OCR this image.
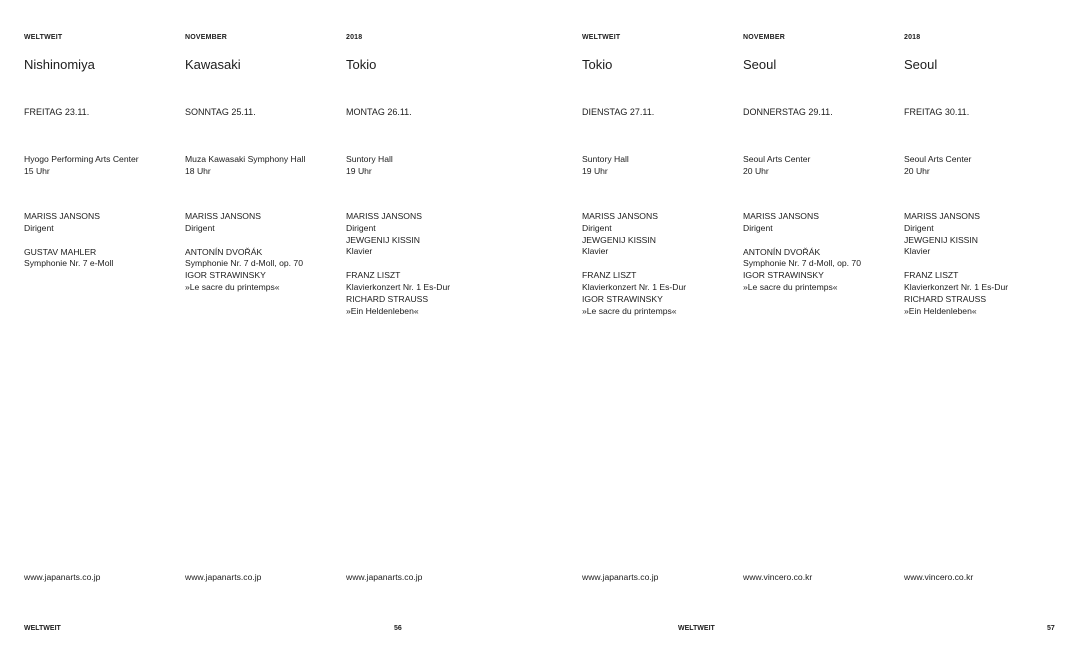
WELTWEIT
Nishinomiya
FREITAG 23.11.
Hyogo Performing Arts Center
15 Uhr
MARISS JANSONS
Dirigent
GUSTAV MAHLER
Symphonie Nr. 7 e-Moll
www.japanarts.co.jp
NOVEMBER
Kawasaki
SONNTAG 25.11.
Muza Kawasaki Symphony Hall
18 Uhr
MARISS JANSONS
Dirigent
ANTONÍN DVOŘÁK
Symphonie Nr. 7 d-Moll, op. 70
IGOR STRAWINSKY
»Le sacre du printemps«
www.japanarts.co.jp
2018
Tokio
MONTAG 26.11.
Suntory Hall
19 Uhr
MARISS JANSONS
Dirigent
JEWGENIJ KISSIN
Klavier
FRANZ LISZT
Klavierkonzert Nr. 1 Es-Dur
RICHARD STRAUSS
»Ein Heldenleben«
www.japanarts.co.jp
WELTWEIT
Tokio
DIENSTAG 27.11.
Suntory Hall
19 Uhr
MARISS JANSONS
Dirigent
JEWGENIJ KISSIN
Klavier
FRANZ LISZT
Klavierkonzert Nr. 1 Es-Dur
IGOR STRAWINSKY
»Le sacre du printemps«
www.japanarts.co.jp
NOVEMBER
Seoul
DONNERSTAG 29.11.
Seoul Arts Center
20 Uhr
MARISS JANSONS
Dirigent
ANTONÍN DVOŘÁK
Symphonie Nr. 7 d-Moll, op. 70
IGOR STRAWINSKY
»Le sacre du printemps«
www.vincero.co.kr
2018
Seoul
FREITAG 30.11.
Seoul Arts Center
20 Uhr
MARISS JANSONS
Dirigent
JEWGENIJ KISSIN
Klavier
FRANZ LISZT
Klavierkonzert Nr. 1 Es-Dur
RICHARD STRAUSS
»Ein Heldenleben«
www.vincero.co.kr
WELTWEIT	56	WELTWEIT	57
